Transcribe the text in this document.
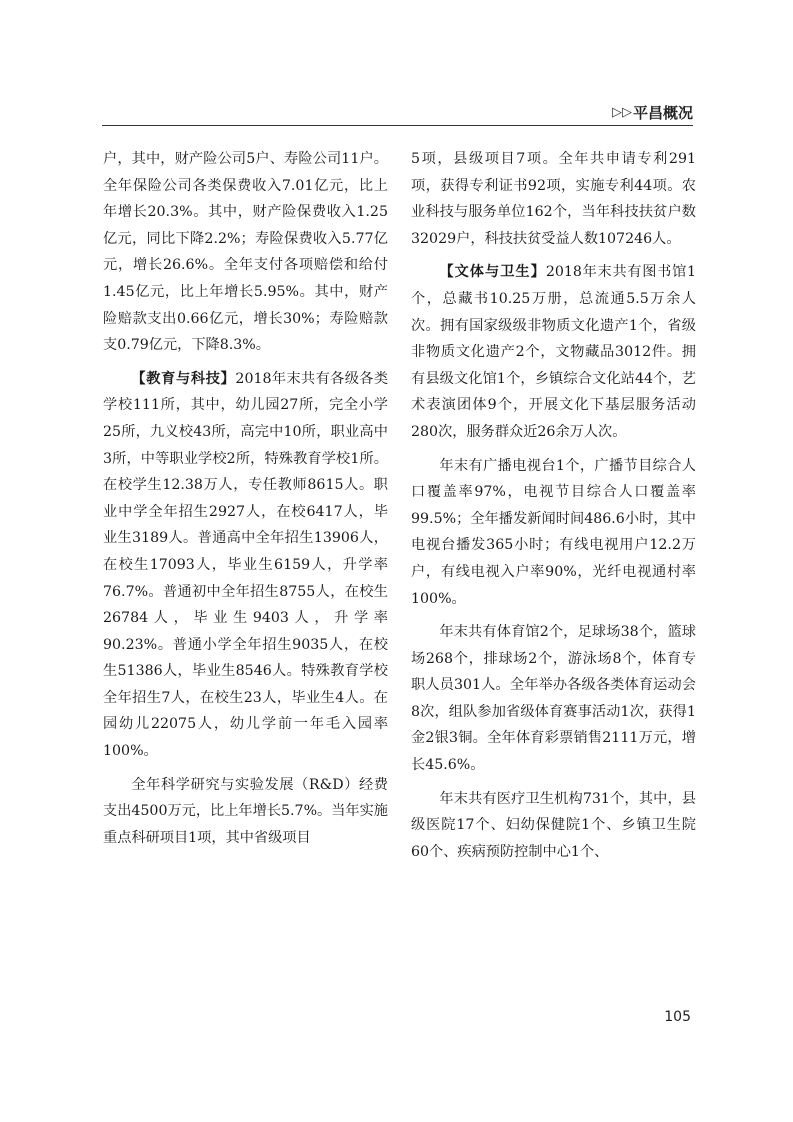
▷▷ 平昌概况

户，其中，财产险公司5户、寿险公司11户。全年保险公司各类保费收入7.01亿元，比上年增长20.3%。其中，财产险保费收入1.25亿元，同比下降2.2%；寿险保费收入5.77亿元，增长26.6%。全年支付各项赔偿和给付1.45亿元，比上年增长5.95%。其中，财产险赔款支出0.66亿元，增长30%；寿险赔款支0.79亿元，下降8.3%。

【教育与科技】2018年末共有各级各类学校111所，其中，幼儿园27所，完全小学25所，九义校43所，高完中10所，职业高中3所，中等职业学校2所，特殊教育学校1所。在校学生12.38万人，专任教师8615人。职业中学全年招生2927人，在校6417人，毕业生3189人。普通高中全年招生13906人，在校生17093人，毕业生6159人，升学率76.7%。普通初中全年招生8755人，在校生26784人，毕业生9403人，升学率90.23%。普通小学全年招生9035人，在校生51386人，毕业生8546人。特殊教育学校全年招生7人，在校生23人，毕业生4人。在园幼儿22075人，幼儿学前一年毛入园率100%。

全年科学研究与实验发展（R&D）经费支出4500万元，比上年增长5.7%。当年实施重点科研项目1项，其中省级项目

5项，县级项目7项。全年共申请专利291项，获得专利证书92项，实施专利44项。农业科技与服务单位162个，当年科技扶贫户数32029户，科技扶贫受益人数107246人。

【文体与卫生】2018年末共有图书馆1个，总藏书10.25万册，总流通5.5万余人次。拥有国家级级非物质文化遗产1个，省级非物质文化遗产2个，文物藏品3012件。拥有县级文化馆1个，乡镇综合文化站44个，艺术表演团体9个，开展文化下基层服务活动280次，服务群众近26余万人次。

年末有广播电视台1个，广播节目综合人口覆盖率97%，电视节目综合人口覆盖率99.5%；全年播发新闻时间486.6小时，其中电视台播发365小时；有线电视用户12.2万户，有线电视入户率90%，光纤电视通村率100%。

年末共有体育馆2个，足球场38个，篮球场268个，排球场2个，游泳场8个，体育专职人员301人。全年举办各级各类体育运动会8次，组队参加省级体育赛事活动1次，获得1金2银3铜。全年体育彩票销售2111万元，增长45.6%。

年末共有医疗卫生机构731个，其中，县级医院17个、妇幼保健院1个、乡镇卫生院60个、疾病预防控制中心1个、

105
